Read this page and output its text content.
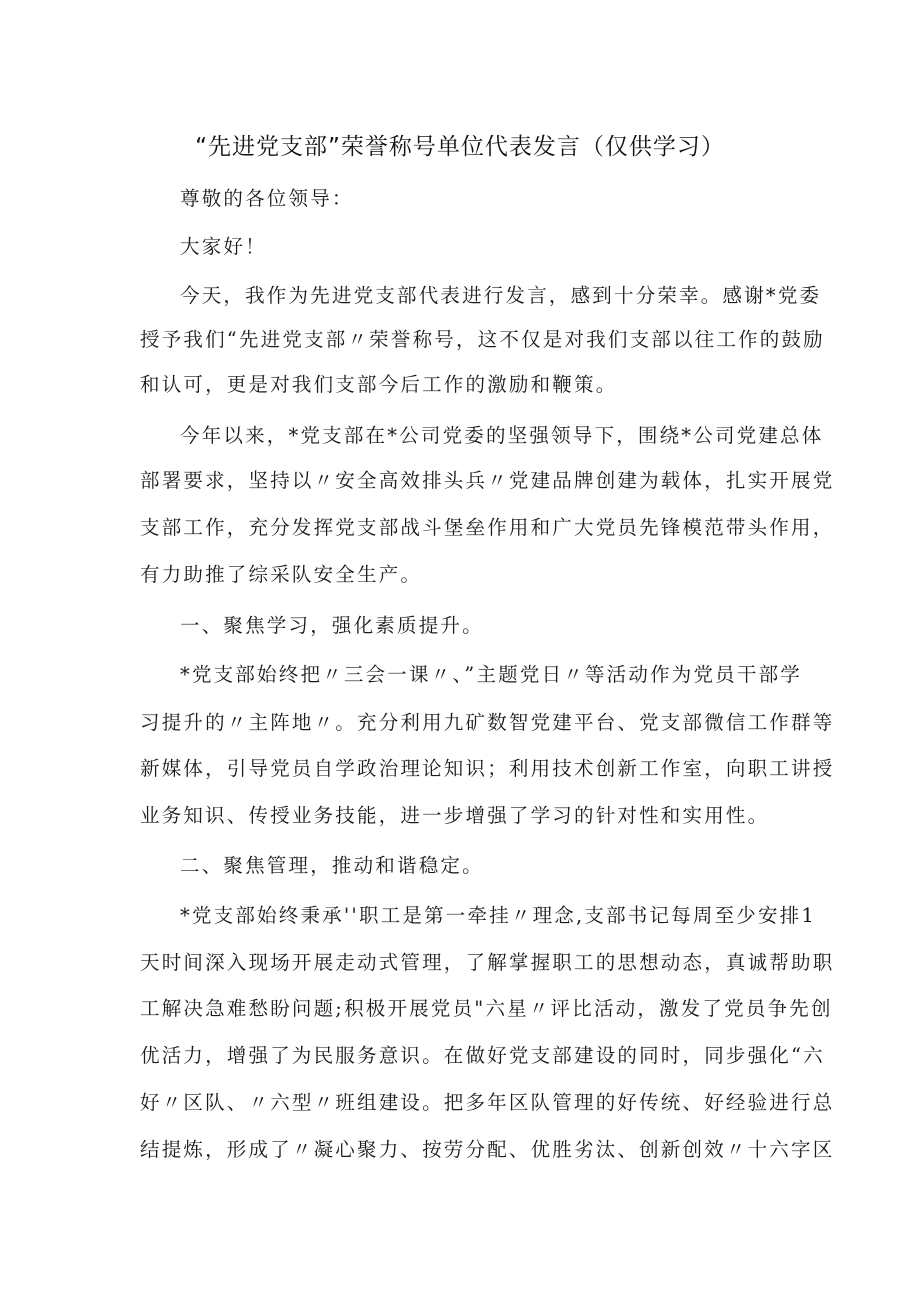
“先进党支部”荣誉称号单位代表发言（仅供学习）

尊敬的各位领导：

大家好！

今天，我作为先进党支部代表进行发言，感到十分荣幸。感谢*党委

授予我们“先进党支部〃荣誉称号，这不仅是对我们支部以往工作的鼓励

和认可，更是对我们支部今后工作的激励和鞭策。

今年以来，*党支部在*公司党委的坚强领导下，围绕*公司党建总体

部署要求，坚持以〃安全高效排头兵〃党建品牌创建为载体，扎实开展党

支部工作，充分发挥党支部战斗堡垒作用和广大党员先锋模范带头作用，

有力助推了综采队安全生产。

一、聚焦学习，强化素质提升。

*党支部始终把〃三会一课〃、”主题党日〃等活动作为党员干部学

习提升的〃主阵地〃。充分利用九矿数智党建平台、党支部微信工作群等

新媒体，引导党员自学政治理论知识；利用技术创新工作室，向职工讲授

业务知识、传授业务技能，进一步增强了学习的针对性和实用性。

二、聚焦管理，推动和谐稳定。

*党支部始终秉承''职工是第一牵挂〃理念,支部书记每周至少安排1

天时间深入现场开展走动式管理，了解掌握职工的思想动态，真诚帮助职

工解决急难愁盼问题;积极开展党员"六星〃评比活动，激发了党员争先创

优活力，增强了为民服务意识。在做好党支部建设的同时，同步强化“六

好〃区队、〃六型〃班组建设。把多年区队管理的好传统、好经验进行总

结提炼，形成了〃凝心聚力、按劳分配、优胜劣汰、创新创效〃十六字区
